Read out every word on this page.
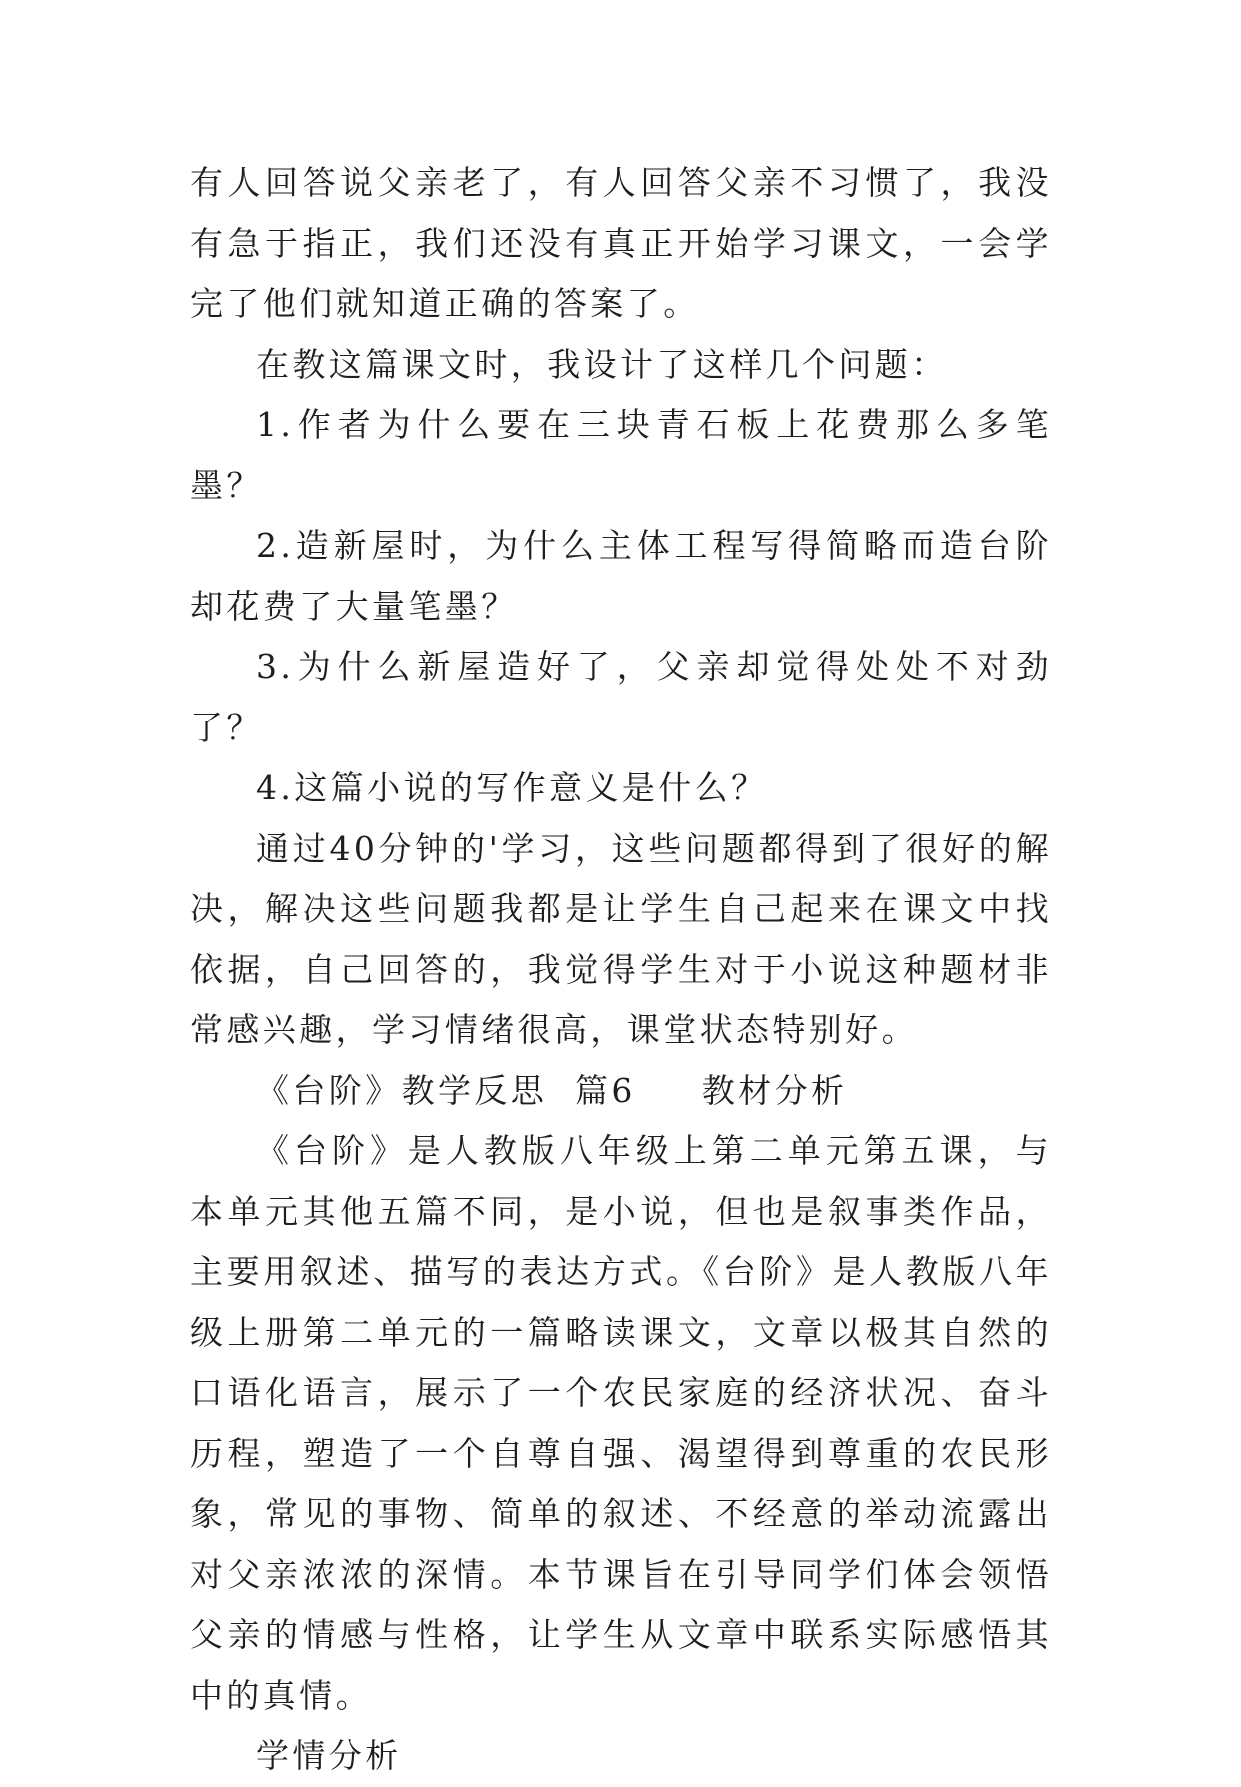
有人回答说父亲老了，有人回答父亲不习惯了，我没有急于指正，我们还没有真正开始学习课文，一会学完了他们就知道正确的答案了。

在教这篇课文时，我设计了这样几个问题：

1.作者为什么要在三块青石板上花费那么多笔墨？

2.造新屋时，为什么主体工程写得简略而造台阶却花费了大量笔墨？

3.为什么新屋造好了，父亲却觉得处处不对劲了？

4.这篇小说的写作意义是什么？

通过40分钟的'学习，这些问题都得到了很好的解决，解决这些问题我都是让学生自己起来在课文中找依据，自己回答的，我觉得学生对于小说这种题材非常感兴趣，学习情绪很高，课堂状态特别好。

《台阶》教学反思  篇6 教材分析

《台阶》是人教版八年级上第二单元第五课，与本单元其他五篇不同，是小说，但也是叙事类作品，主要用叙述、描写的表达方式。《台阶》是人教版八年级上册第二单元的一篇略读课文，文章以极其自然的口语化语言，展示了一个农民家庭的经济状况、奋斗历程，塑造了一个自尊自强、渴望得到尊重的农民形象，常见的事物、简单的叙述、不经意的举动流露出对父亲浓浓的深情。本节课旨在引导同学们体会领悟父亲的情感与性格，让学生从文章中联系实际感悟其中的真情。

学情分析
